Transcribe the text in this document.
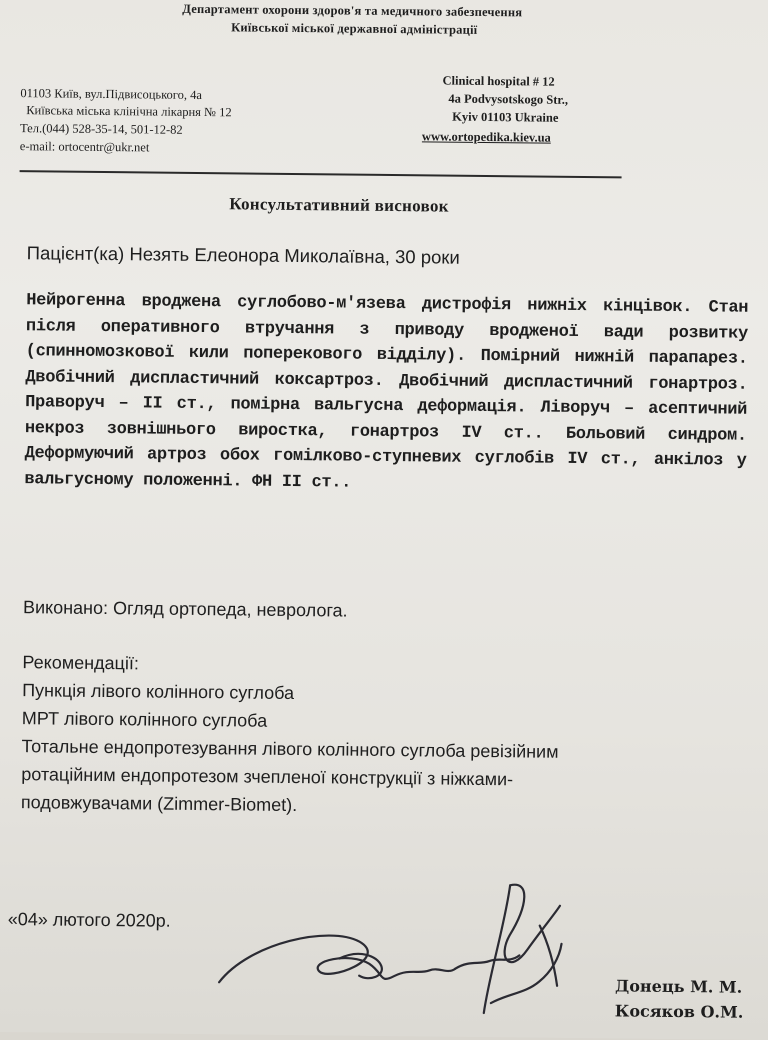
Департамент охорони здоров'я та медичного забезпечення
Київської міської державної адміністрації
01103 Київ, вул.Підвисоцького, 4а
Київська міська клінічна лікарня № 12
Тел.(044) 528-35-14, 501-12-82
e-mail: ortocentr@ukr.net
Clinical hospital # 12
4a Podvysotskogo Str.,
Kyiv 01103 Ukraine
www.ortopedika.kiev.ua
Консультативний висновок
Пацієнт(ка) Незять Елеонора Миколаївна, 30 роки
Нейрогенна вроджена суглобово-м'язева дистрофія нижніх кінцівок. Стан після оперативного втручання з приводу вродженої вади розвитку (спинномозкової кили поперекового відділу). Помірний нижній парапарез. Двобічний диспластичний коксартроз. Двобічний диспластичний гонартроз. Праворуч – ІІ ст., помірна вальгусна деформація. Ліворуч – асептичний некроз зовнішнього виростка, гонартроз IV ст.. Больовий синдром. Деформуючий артроз обох гомілково-ступневих суглобів IV ст., анкілоз у вальгусному положенні. ФН ІІ ст..
Виконано: Огляд ортопеда, невролога.
Рекомендації:
Пункція лівого колінного суглоба
МРТ лівого колінного суглоба
Тотальне ендопротезування лівого колінного суглоба ревізійним
ротаційним ендопротезом зчепленої конструкції з ніжками-
подовжувачами (Zimmer-Biomet).
«04» лютого 2020р.
Донець М. М.
Косяков О.М.
